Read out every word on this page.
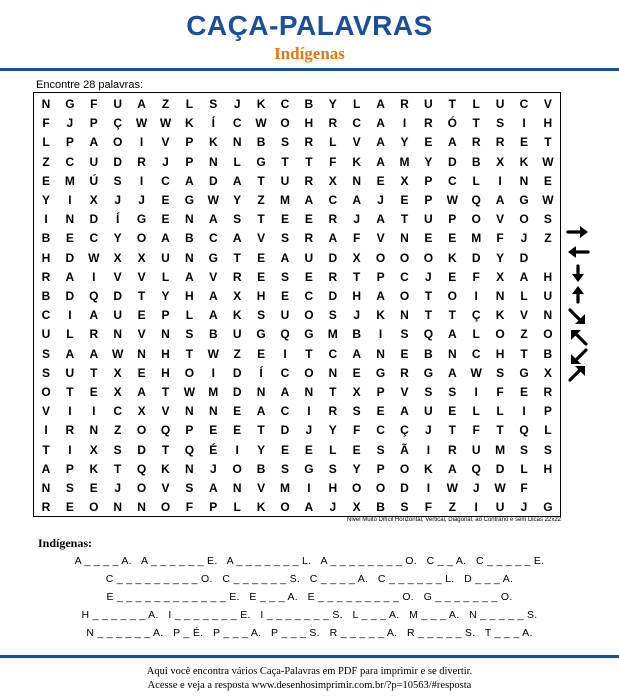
CAÇA-PALAVRAS
Indígenas
Encontre 28 palavras:
N	G	F	U	A	Z	L	S	J	K	C	B	Y	L	A	R	U	T	L	U	C	V
F	J	P	Ç	W	W	K	Í	C	W	O	H	R	C	A	I	R	Ó	T	S	I	H
L	P	A	O	I	V	P	K	N	B	S	R	L	V	A	Y	E	A	R	R	E	T
Z	C	U	D	R	J	P	N	L	G	T	T	F	K	A	M	Y	D	B	X	K	W
E	M	Ú	S	I	C	A	D	A	T	U	R	X	N	E	X	P	C	L	I	N	E
Y	I	X	J	J	E	G	W	Y	Z	M	A	C	A	J	E	P	W	Q	A	G	W
I	N	D	Í	G	E	N	A	S	T	E	E	R	J	A	T	U	P	O	V	O	S
B	E	C	Y	O	A	B	C	A	V	S	R	A	F	V	N	E	E	M	F	J	Z
H	D	W	X	X	U	N	G	T	E	A	U	D	X	O	O	O	K	D	Y	D
R	A	I	V	V	L	A	V	R	E	S	E	R	T	P	C	J	E	F	X	A	H
B	D	Q	D	T	Y	H	A	X	H	E	C	D	H	A	O	T	O	I	N	L	U
C	I	A	U	E	P	L	A	K	S	U	O	S	J	K	N	T	T	Ç	K	V	N
U	L	R	N	V	N	S	B	U	G	Q	G	M	B	I	S	Q	A	L	O	Z	O
S	A	A	W	N	H	T	W	Z	E	I	T	C	A	N	E	B	N	C	H	T	B
S	U	T	X	E	H	O	I	D	Í	C	O	N	E	G	R	G	A	W	S	G	X
O	T	E	X	A	T	W	M	D	N	A	N	T	X	P	V	S	S	I	F	E	R
V	I	I	C	X	V	N	N	E	A	C	I	R	S	E	A	U	E	L	L	I	P
I	R	N	Z	O	Q	P	E	E	T	D	J	Y	F	C	Ç	J	T	F	T	Q	L
T	I	X	S	D	T	Q	É	I	Y	E	E	L	E	S	Ã	I	R	U	M	S	S
A	P	K	T	Q	K	N	J	O	B	S	G	S	Y	P	O	K	A	Q	D	L	H
N	S	E	J	O	V	S	A	N	V	M	I	H	O	O	D	I	W	J	W	F
R	E	O	N	N	O	F	P	L	K	O	A	J	X	B	S	F	Z	I	U	J	G
Nível Muito Difícil Horizontal, Vertical, Diagonal, ao Contrário e sem Dicas 22x22
Indígenas:
A _ _ _ _ A.   A _ _ _ _ _ _ E.   A _ _ _ _ _ _ _ L.   A _ _ _ _ _ _ _ _ O.   C _ _ A.   C _ _ _ _ _ E.
C _ _ _ _ _ _ _ _ _ O.   C _ _ _ _ _ _ S.   C _ _ _ _ A.   C _ _ _ _ _ _ L.   D _ _ _ A.
E _ _ _ _ _ _ _ _ _ _ _ _ E.   E _ _ _ A.   E _ _ _ _ _ _ _ _ _ O.   G _ _ _ _ _ _ _ O.
H _ _ _ _ _ _ A.   I _ _ _ _ _ _ _ E.   I _ _ _ _ _ _ _ S.   L _ _ _ A.   M _ _ _ A.   N _ _ _ _ _ S.
N _ _ _ _ _ _ A.   P _ É.   P _ _ _ A.   P _ _ _ S.   R _ _ _ _ _ A.   R _ _ _ _ _ S.   T _ _ _ A.
Aqui você encontra vários Caça-Palavras em PDF para imprimir e se divertir.
Acesse e veja a resposta www.desenhosimprimir.com.br/?p=10563/#resposta
